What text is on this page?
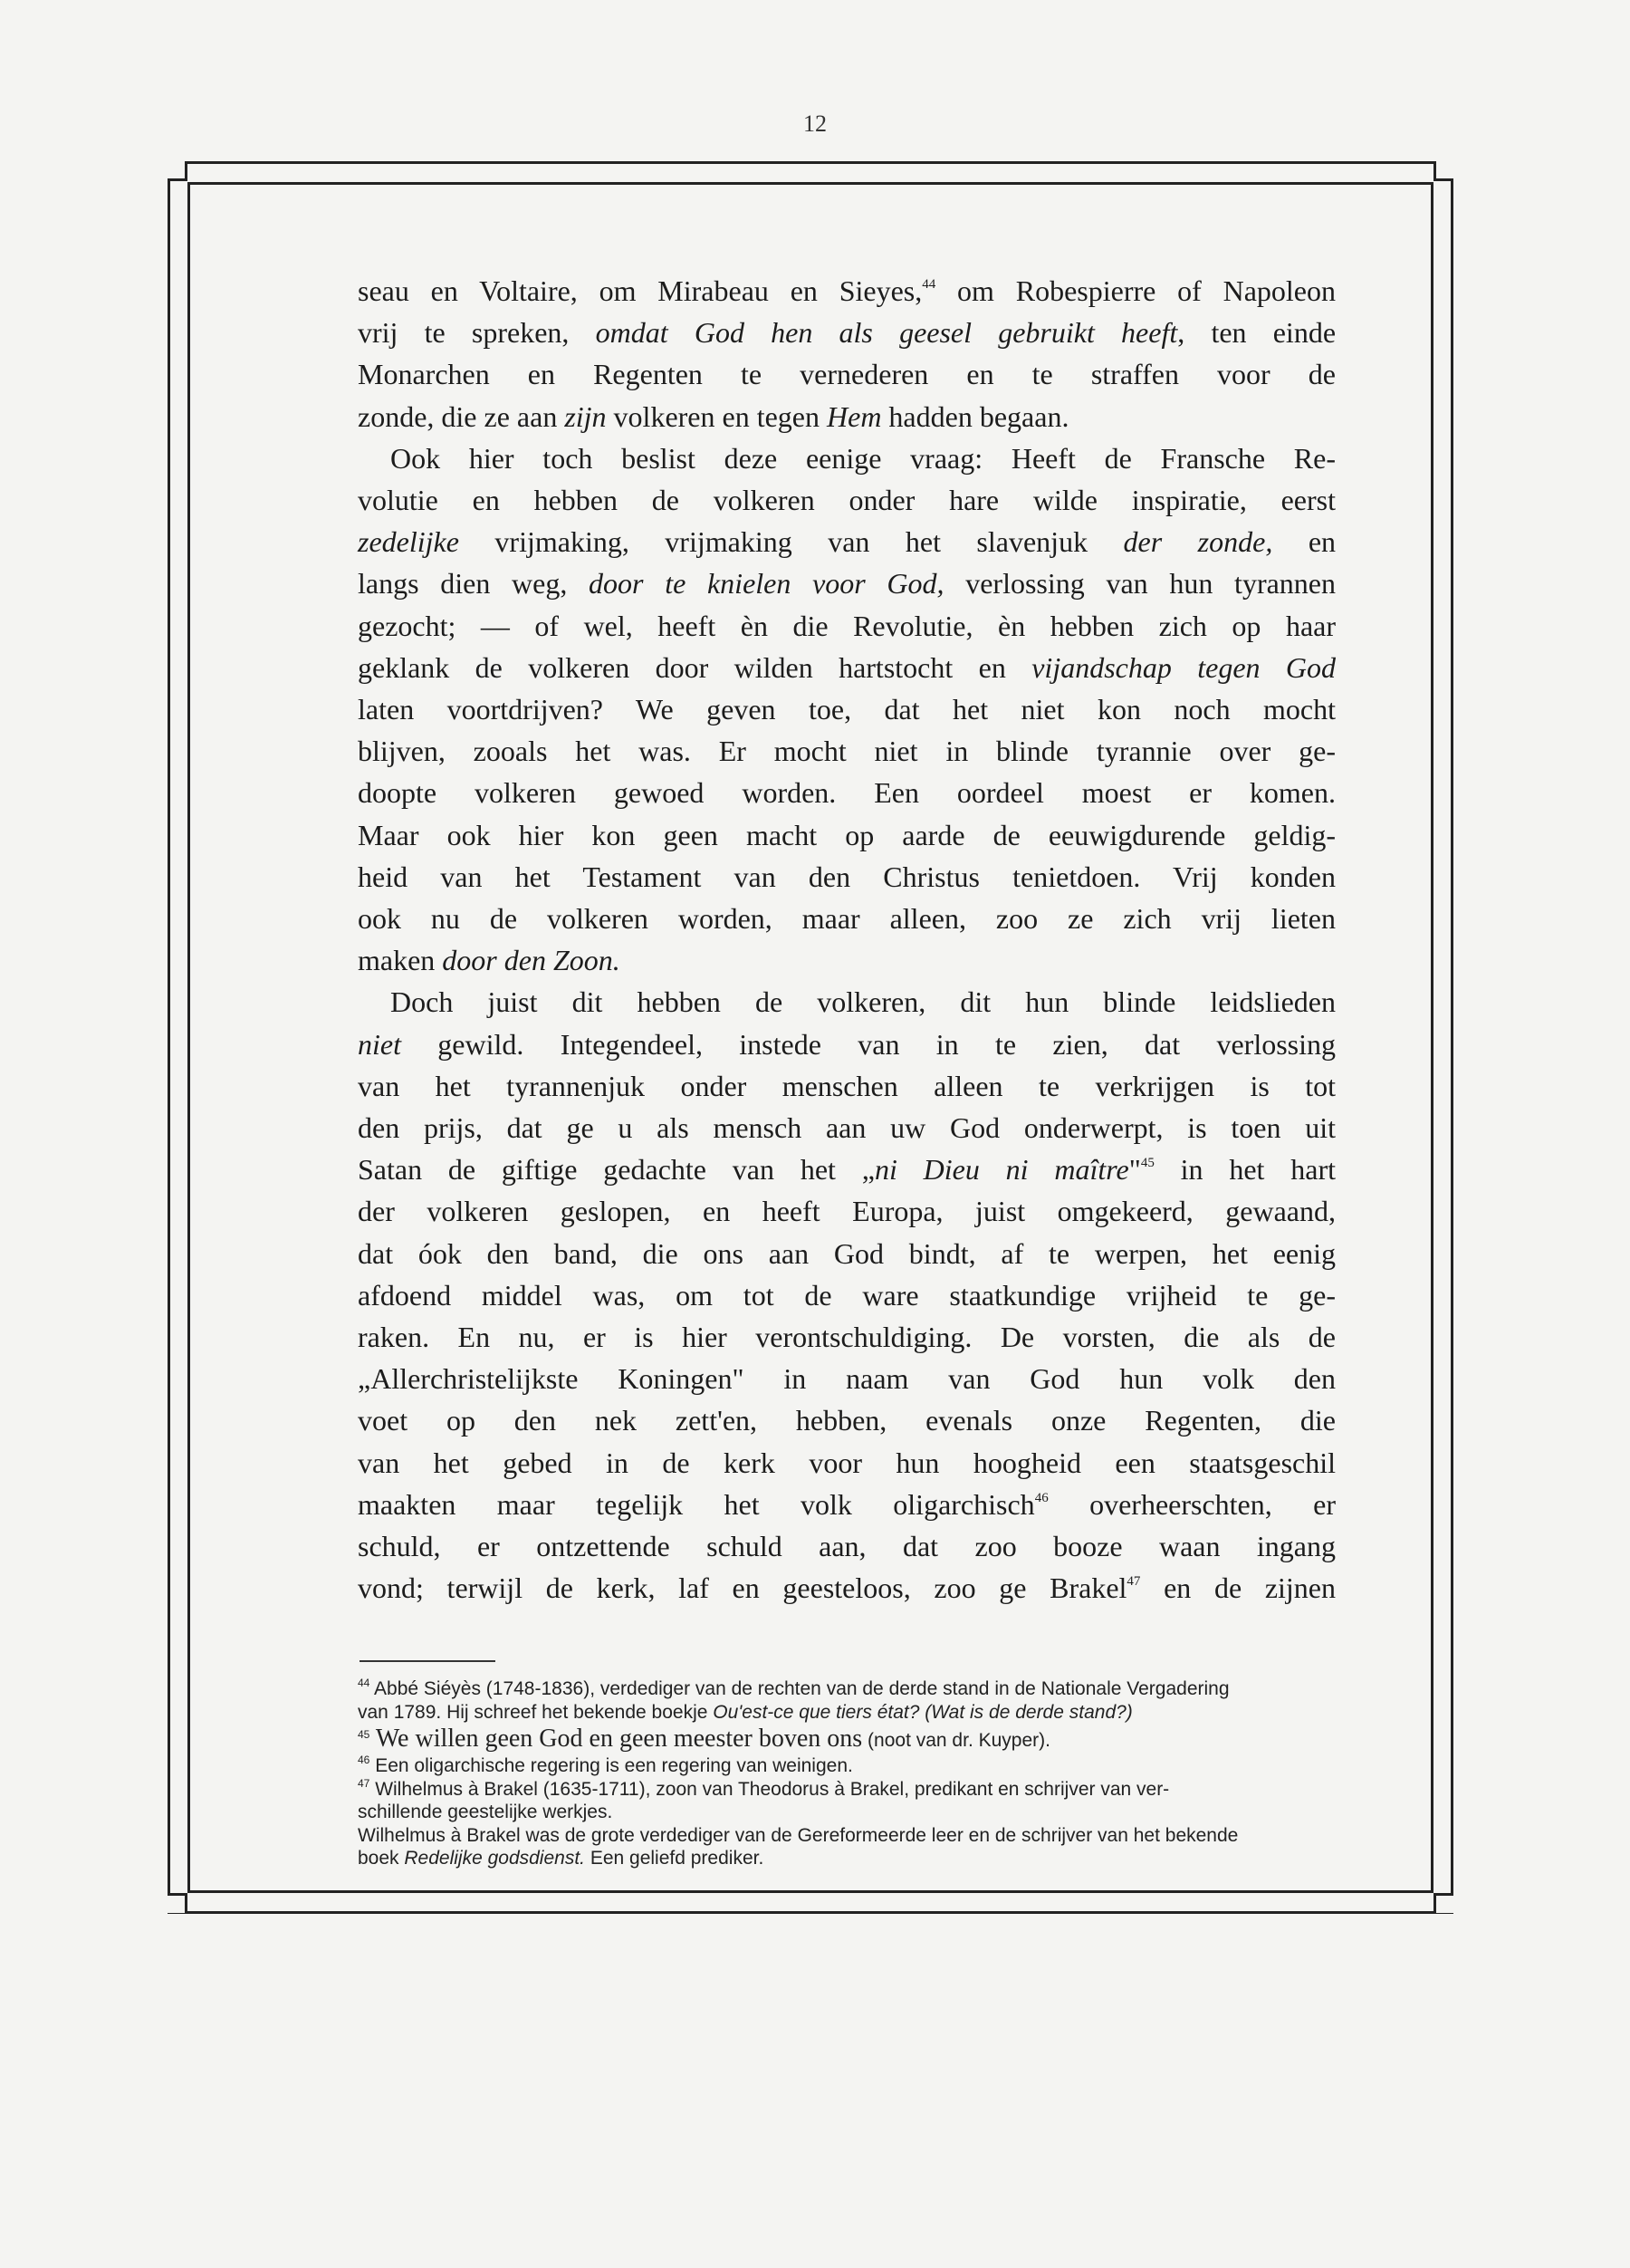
12
seau en Voltaire, om Mirabeau en Sieyes,$^{44}$ om Robespierre of Napoleon
vrij te spreken, omdat God hen als geesel gebruikt heeft, ten einde
Monarchen en Regenten te vernederen en te straffen voor de
zonde, die ze aan zijn volkeren en tegen Hem hadden begaan.
Ook hier toch beslist deze eenige vraag: Heeft de Fransche Re-
volutie en hebben de volkeren onder hare wilde inspiratie, eerst
zedelijke vrijmaking, vrijmaking van het slavenjuk der zonde, en
langs dien weg, door te knielen voor God, verlossing van hun tyrannen
gezocht; — of wel, heeft èn die Revolutie, èn hebben zich op haar
geklank de volkeren door wilden hartstocht en vijandschap tegen God
laten voortdrijven? We geven toe, dat het niet kon noch mocht
blijven, zooals het was. Er mocht niet in blinde tyrannie over ge-
doopte volkeren gewoed worden. Een oordeel moest er komen.
Maar ook hier kon geen macht op aarde de eeuwigdurende geldig-
heid van het Testament van den Christus tenietdoen. Vrij konden
ook nu de volkeren worden, maar alleen, zoo ze zich vrij lieten
maken door den Zoon.
Doch juist dit hebben de volkeren, dit hun blinde leidslieden
niet gewild. Integendeel, instede van in te zien, dat verlossing
van het tyrannenjuk onder menschen alleen te verkrijgen is tot
den prijs, dat ge u als mensch aan uw God onderwerpt, is toen uit
Satan de giftige gedachte van het „ni Dieu ni maître"$^{45}$ in het hart
der volkeren geslopen, en heeft Europa, juist omgekeerd, gewaand,
dat óok den band, die ons aan God bindt, af te werpen, het eenig
afdoend middel was, om tot de ware staatkundige vrijheid te ge-
raken. En nu, er is hier verontschuldiging. De vorsten, die als de
„Allerchristelijkste Koningen" in naam van God hun volk den
voet op den nek zett'en, hebben, evenals onze Regenten, die
van het gebed in de kerk voor hun hoogheid een staatsgeschil
maakten maar tegelijk het volk oligarchisch$^{46}$ overheerschten, er
schuld, er ontzettende schuld aan, dat zoo booze waan ingang
vond; terwijl de kerk, laf en geesteloos, zoo ge Brakel$^{47}$ en de zijnen
$^{44}$ Abbé Siéyès (1748-1836), verdediger van de rechten van de derde stand in de Nationale Vergadering
van 1789. Hij schreef het bekende boekje Ou'est-ce que tiers état? (Wat is de derde stand?)
$^{45}$ We willen geen God en geen meester boven ons (noot van dr. Kuyper).
$^{46}$ Een oligarchische regering is een regering van weinigen.
$^{47}$ Wilhelmus à Brakel (1635-1711), zoon van Theodorus à Brakel, predikant en schrijver van ver-
schillende geestelijke werkjes.
Wilhelmus à Brakel was de grote verdediger van de Gereformeerde leer en de schrijver van het bekende
boek Redelijke godsdienst. Een geliefd prediker.
